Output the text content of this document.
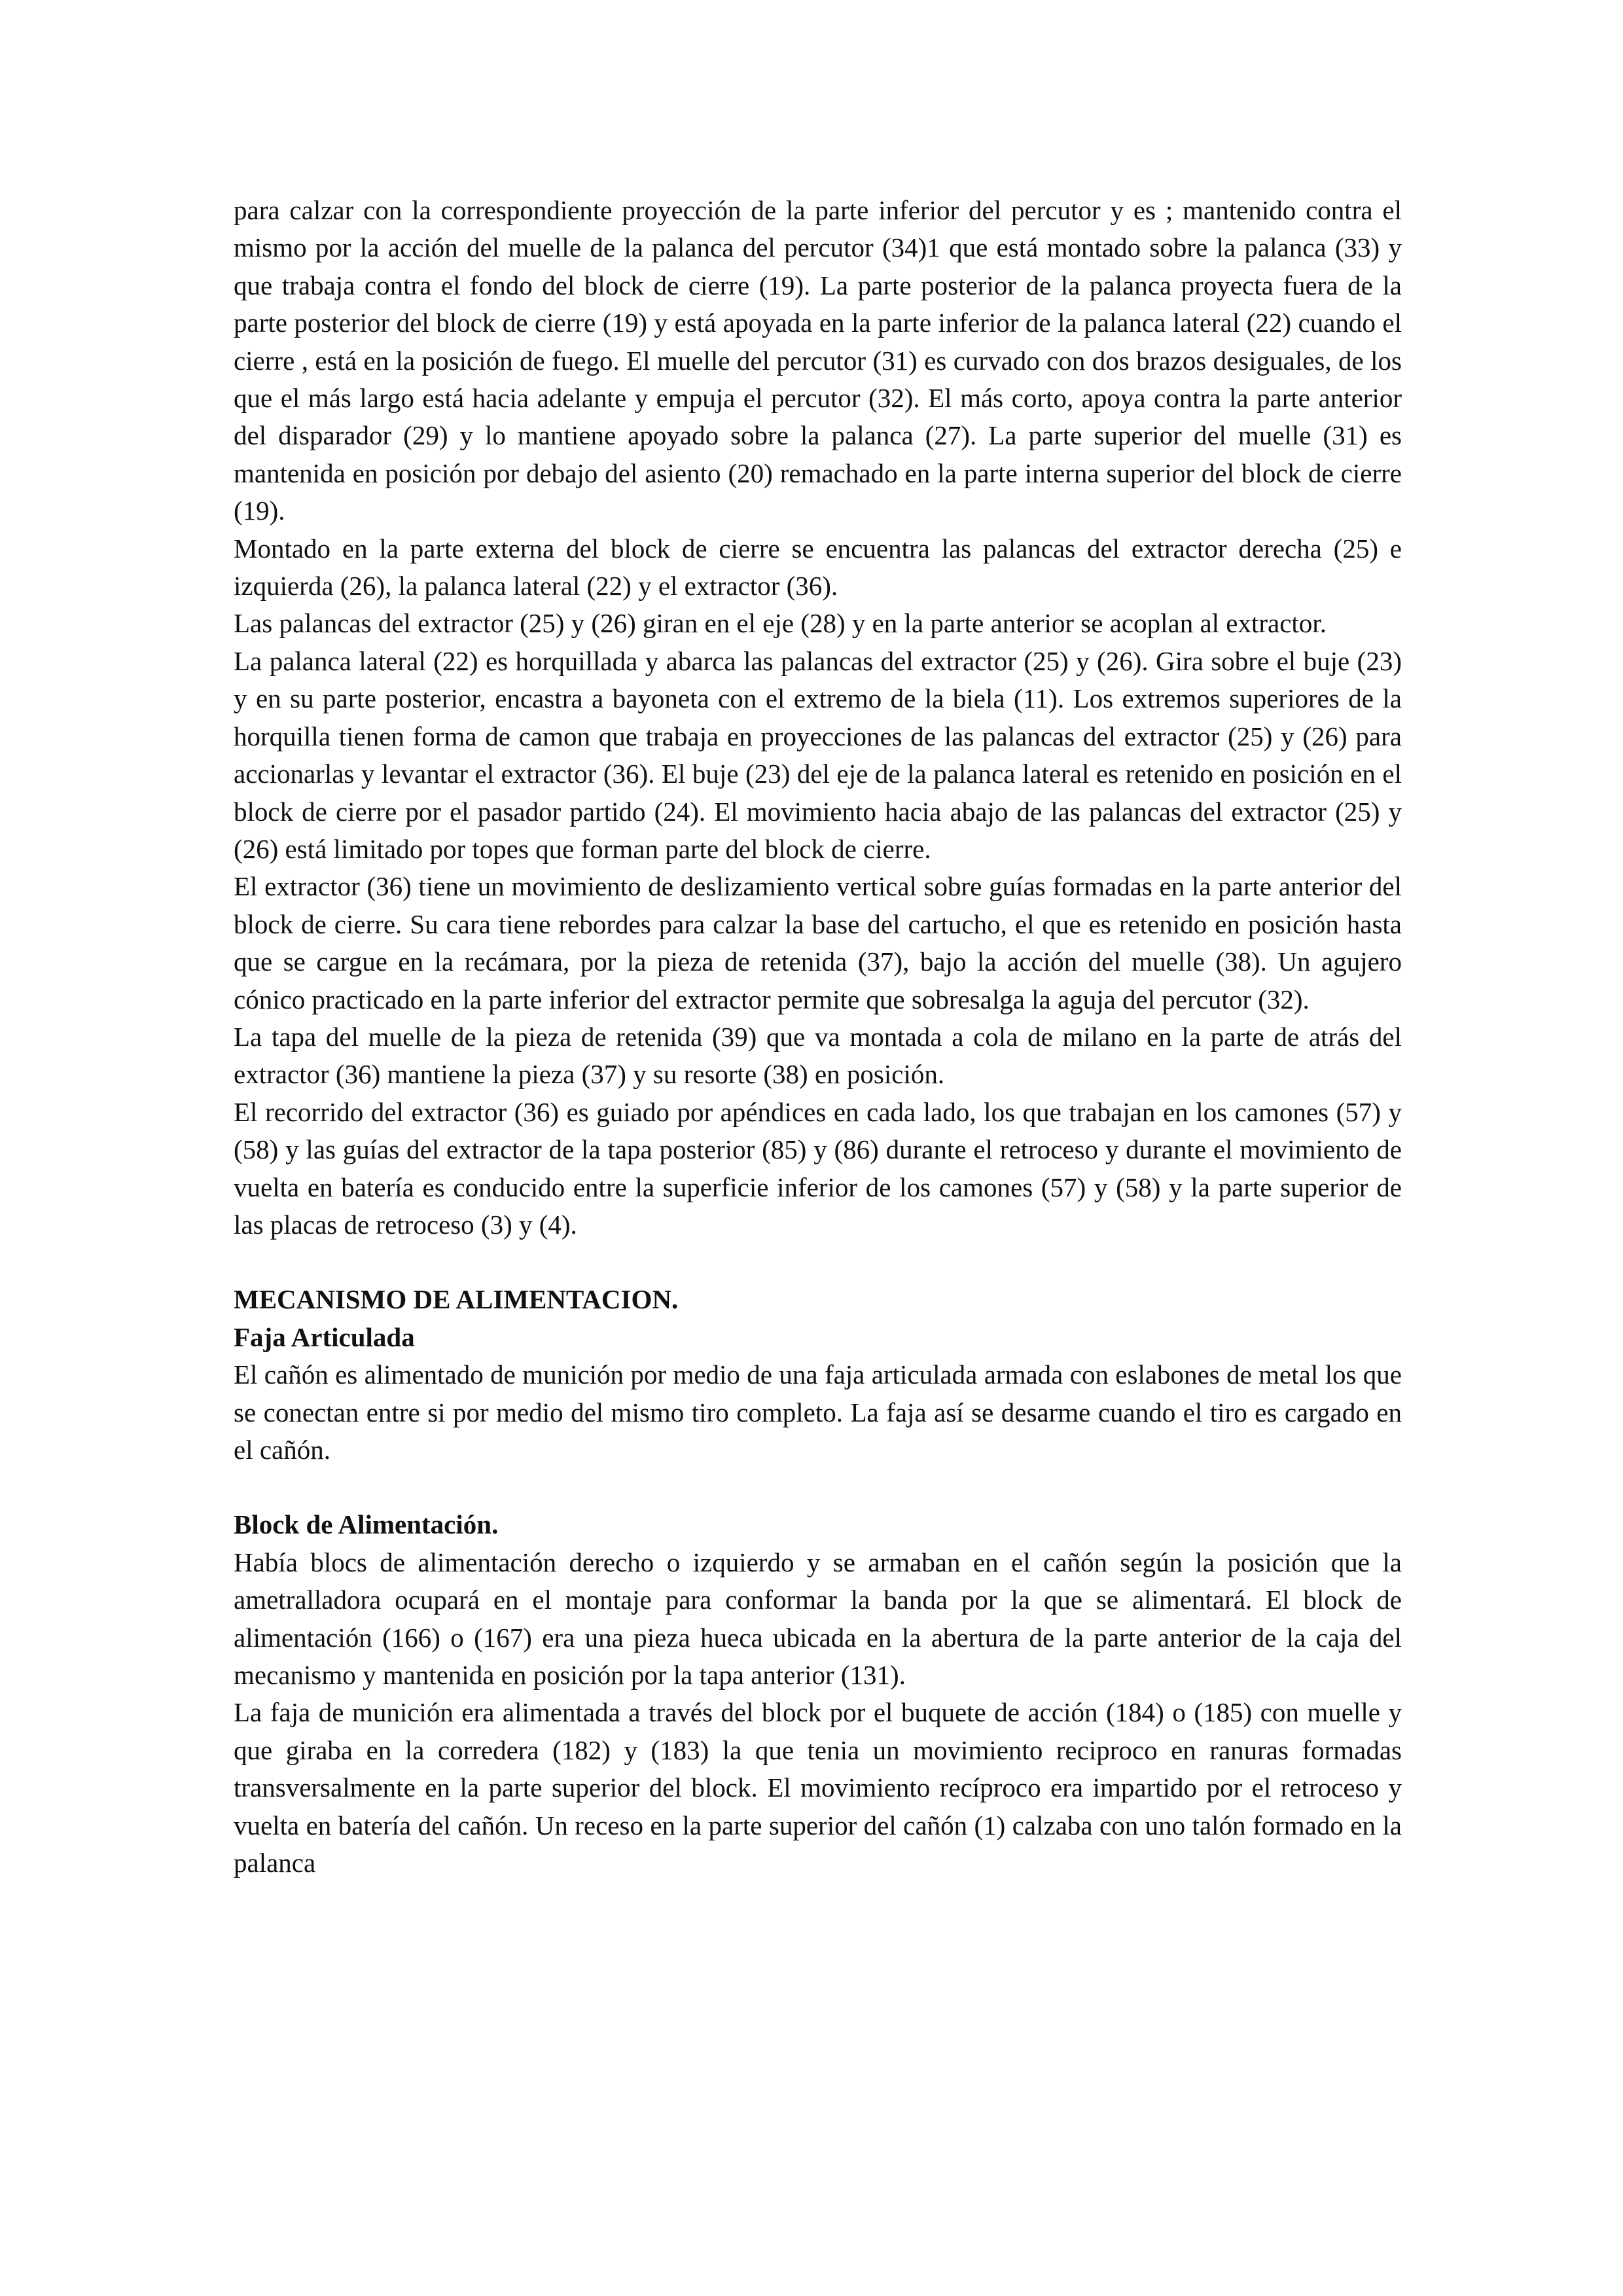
para calzar con la correspondiente proyección de la parte inferior del percutor y es ; mantenido contra el mismo por la acción del muelle de la palanca del percutor (34)1 que está montado sobre la palanca (33) y que trabaja contra el fondo del block de cierre (19). La parte posterior de la palanca proyecta fuera de la parte posterior del block de cierre (19) y está apoyada en la parte inferior de la palanca lateral (22) cuando el cierre , está en la posición de fuego. El muelle del percutor (31) es curvado con dos brazos desiguales, de los que el más largo está hacia adelante y empuja el percutor (32). El más corto, apoya contra la parte anterior del disparador (29) y lo mantiene apoyado sobre la palanca (27). La parte superior del muelle (31) es mantenida en posición por debajo del asiento (20) remachado en la parte interna superior del block de cierre (19).

Montado en la parte externa del block de cierre se encuentra las palancas del extractor derecha (25) e izquierda (26), la palanca lateral (22) y el extractor (36).

Las palancas del extractor (25) y (26) giran en el eje (28) y en la parte anterior se acoplan al extractor.

La palanca lateral (22) es horquillada y abarca las palancas del extractor (25) y (26). Gira sobre el buje (23) y en su parte posterior, encastra a bayoneta con el extremo de la biela (11). Los extremos superiores de la horquilla tienen forma de camon que trabaja en proyecciones de las palancas del extractor (25) y (26) para accionarlas y levantar el extractor (36). El buje (23) del eje de la palanca lateral es retenido en posición en el block de cierre por el pasador partido (24). El movimiento hacia abajo de las palancas del extractor (25) y (26) está limitado por topes que forman parte del block de cierre.

El extractor (36) tiene un movimiento de deslizamiento vertical sobre guías formadas en la parte anterior del block de cierre. Su cara tiene rebordes para calzar la base del cartucho, el que es retenido en posición hasta que se cargue en la recámara, por la pieza de retenida (37), bajo la acción del muelle (38). Un agujero cónico practicado en la parte inferior del extractor permite que sobresalga la aguja del percutor (32).

La tapa del muelle de la pieza de retenida (39) que va montada a cola de milano en la parte de atrás del extractor (36) mantiene la pieza (37) y su resorte (38) en posición.

El recorrido del extractor (36) es guiado por apéndices en cada lado, los que trabajan en los camones (57) y (58) y las guías del extractor de la tapa posterior (85) y (86) durante el retroceso y durante el movimiento de vuelta en batería es conducido entre la superficie inferior de los camones (57) y (58) y la parte superior de las placas de retroceso (3) y (4).

MECANISMO DE ALIMENTACION.

Faja Articulada

El cañón es alimentado de munición por medio de una faja articulada armada con eslabones de metal los que se conectan entre si por medio del mismo tiro completo. La faja así se desarme cuando el tiro es cargado en el cañón.

Block de Alimentación.

Había blocs de alimentación derecho o izquierdo y se armaban en el cañón según la posición que la ametralladora ocupará en el montaje para conformar la banda por la que se alimentará. El block de alimentación (166) o (167) era una pieza hueca ubicada en la abertura de la parte anterior de la caja del mecanismo y mantenida en posición por la tapa anterior (131).

La faja de munición era alimentada a través del block por el buquete de acción (184) o (185) con muelle y que giraba en la corredera (182) y (183) la que tenia un movimiento reciproco en ranuras formadas transversalmente en la parte superior del block. El movimiento recíproco era impartido por el retroceso y vuelta en batería del cañón. Un receso en la parte superior del cañón (1) calzaba con uno talón formado en la palanca
